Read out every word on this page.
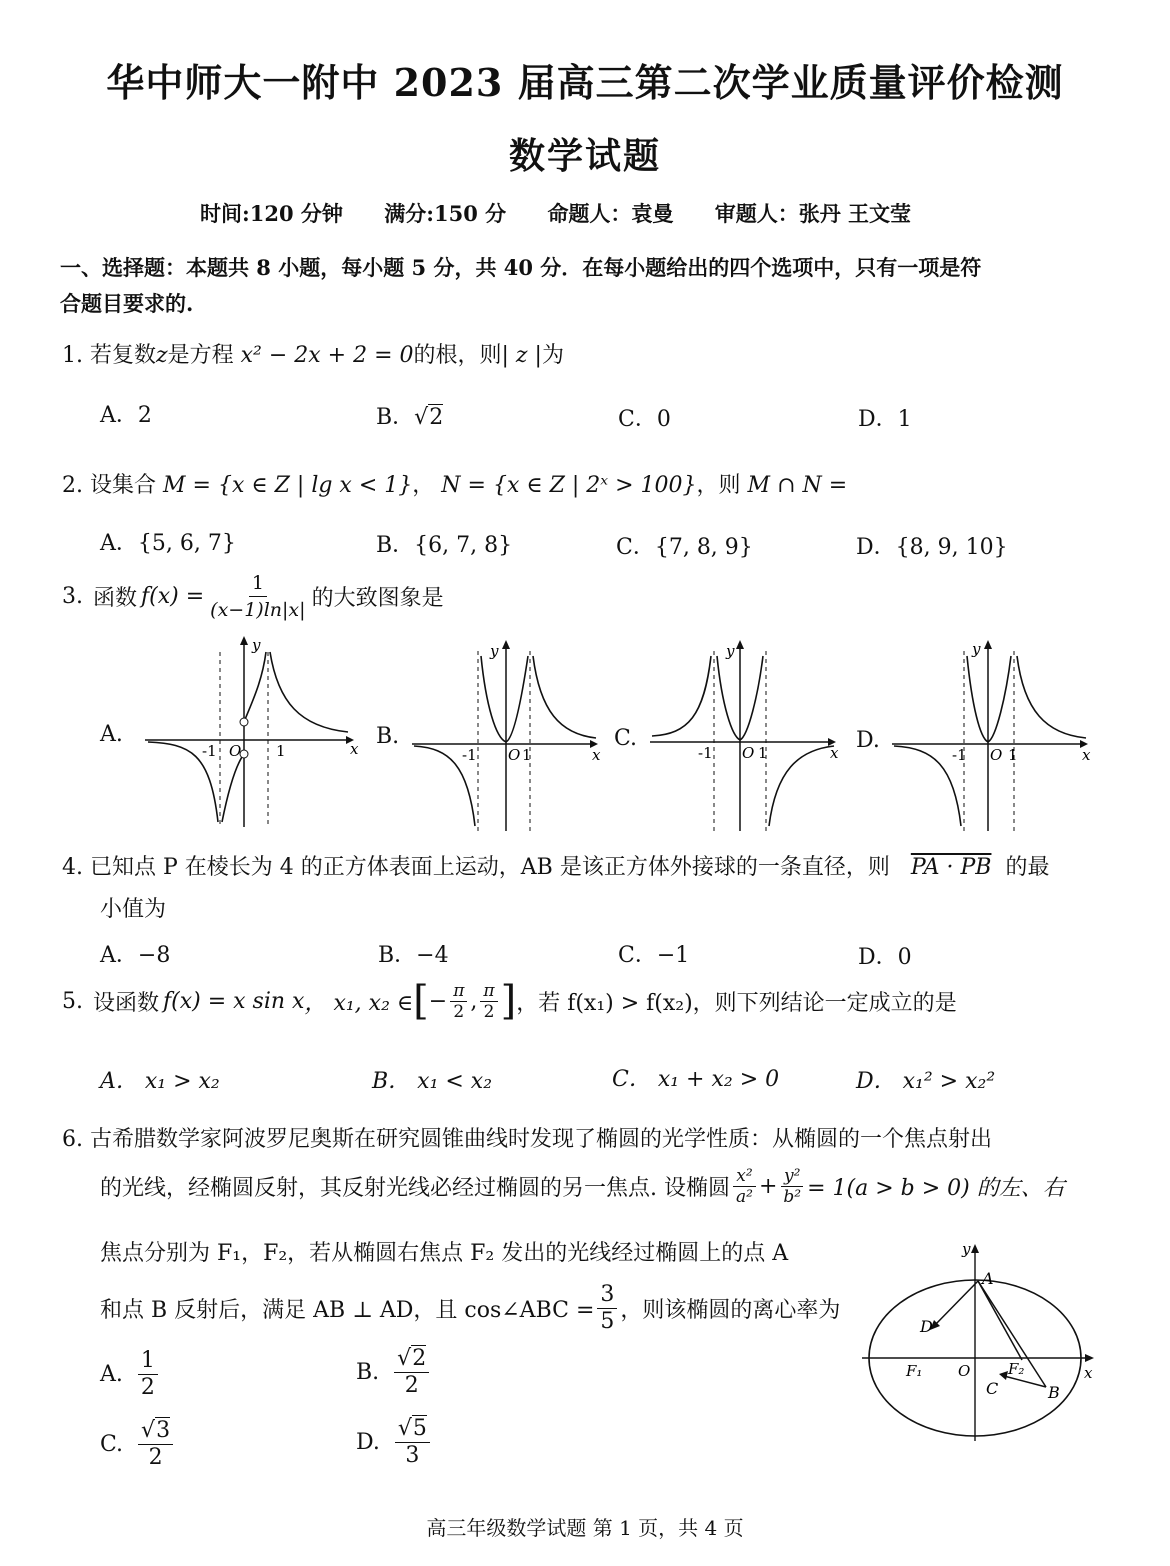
华中师大一附中 2023 届高三第二次学业质量评价检测
数学试题
时间:120 分钟 满分:150 分 命题人：袁曼 审题人：张丹 王文莹
一、选择题：本题共 8 小题，每小题 5 分，共 40 分．在每小题给出的四个选项中，只有一项是符
合题目要求的.
1. 若复数z是方程 x² − 2x + 2 = 0的根，则| z |为
A．2	B．√2	C．0	D．1
2. 设集合 M = {x ∈ Z | lg x < 1}， N = {x ∈ Z | 2ˣ > 100}，则 M ∩ N =
A．{5, 6, 7}	B．{6, 7, 8}	C．{7, 8, 9}	D．{8, 9, 10}
3. 函数 $f(x) = \frac{1}{(x-1)\ln|x|}$ 的大致图象是
A.	B.	C.	D.
x
y
-1 O 1	x
y
-1 O 1	x
y
-1 O 1	x
y
-1 O 1
4. 已知点 P 在棱长为 4 的正方体表面上运动，AB 是该正方体外接球的一条直径，则 PA · PB 的最
小值为
A．−8	B．−4	C．−1	D．0
5. 设函数 f(x) = x sin x ， x₁, x₂ ∈ [ − $\frac{\pi}{2}$ , $\frac{\pi}{2}$ ] ，若 f(x₁) > f(x₂)，则下列结论一定成立的是
A． x₁ > x₂	B． x₁ < x₂	C． x₁ + x₂ > 0	D． x₁² > x₂²
6. 古希腊数学家阿波罗尼奥斯在研究圆锥曲线时发现了椭圆的光学性质：从椭圆的一个焦点射出
的光线，经椭圆反射，其反射光线必经过椭圆的另一焦点. 设椭圆 $\frac{\text{x²}}{\text{a²}} + \frac{\text{y²}}{\text{b²}} = 1(a > b > 0)$ 的左、右
焦点分别为 F₁，F₂，若从椭圆右焦点 F₂ 发出的光线经过椭圆上的点 A
和点 B 反射后，满足 AB ⊥ AD，且 cos∠ABC = $\frac{3}{5}$ ，则该椭圆的离心率为
A. $\frac{1}{2}$	B. $\frac{√2}{2}$
C. $\frac{√3}{2}$	D. $\frac{√5}{3}$
y
x
A
B
C
D
O
F₁	F₂
高三年级数学试题 第 1 页，共 4 页
